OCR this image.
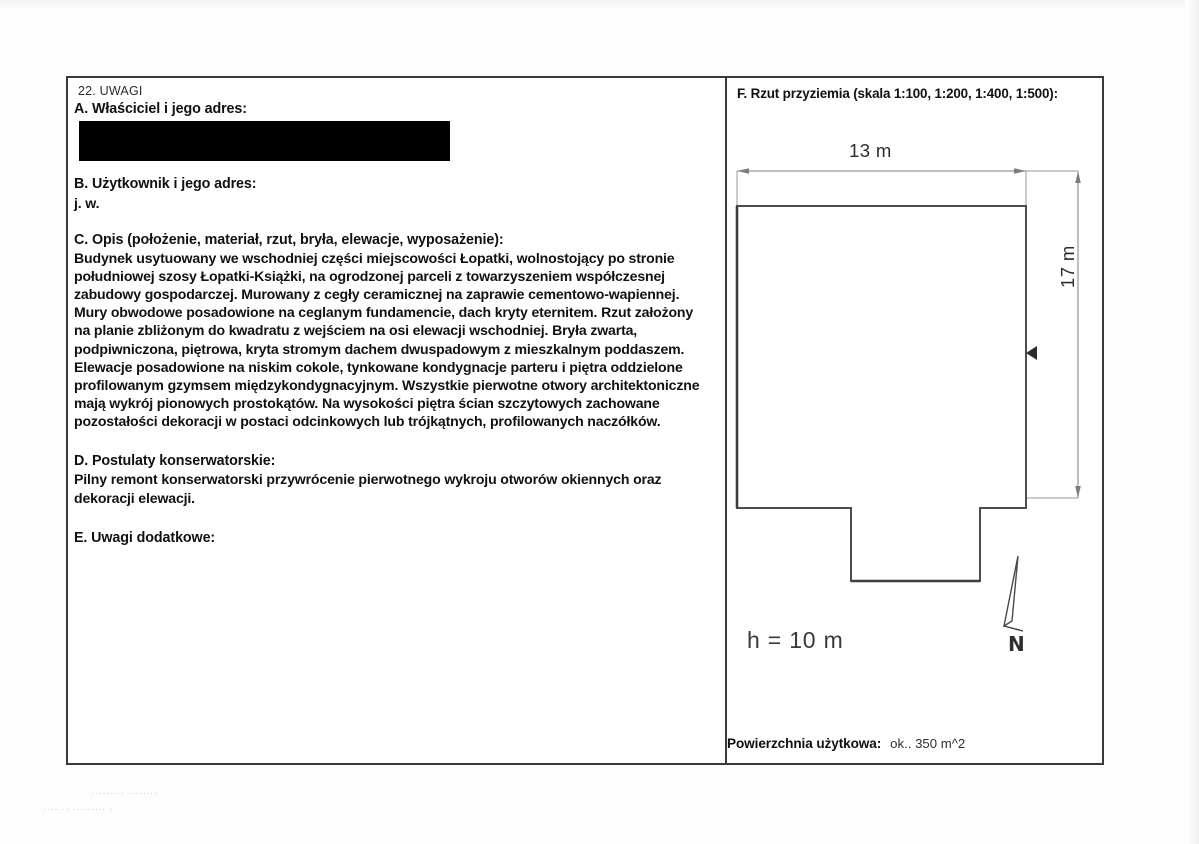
22. UWAGI
A. Właściciel i jego adres:
B. Użytkownik i jego adres:
j. w.
C. Opis (położenie, materiał, rzut, bryła, elewacje, wyposażenie):

Budynek usytuowany we wschodniej części miejscowości Łopatki, wolnostojący po stronie

południowej szosy Łopatki-Książki, na ogrodzonej parceli z towarzyszeniem współczesnej

zabudowy gospodarczej. Murowany z cegły ceramicznej na zaprawie cementowo-wapiennej.

Mury obwodowe posadowione na ceglanym fundamencie, dach kryty eternitem. Rzut założony

na planie zbliżonym do kwadratu z wejściem na osi elewacji wschodniej. Bryła zwarta,

podpiwniczona, piętrowa, kryta stromym dachem dwuspadowym z mieszkalnym poddaszem.

Elewacje posadowione na niskim cokole, tynkowane kondygnacje parteru i piętra oddzielone

profilowanym gzymsem międzykondygnacyjnym. Wszystkie pierwotne otwory architektoniczne

mają wykrój pionowych prostokątów. Na wysokości piętra ścian szczytowych zachowane

pozostałości dekoracji w postaci odcinkowych lub trójkątnych, profilowanych naczółków.

D. Postulaty konserwatorskie:

Pilny remont konserwatorski przywrócenie pierwotnego wykroju otworów okiennych oraz

dekoracji elewacji.

E. Uwagi dodatkowe:
F. Rzut przyziemia (skala 1:100, 1:200, 1:400, 1:500):
13 m
17 m
h = 10 m	N
Powierzchnia użytkowa: ok.. 350 m^2
......... ........
.... .. ......... .
